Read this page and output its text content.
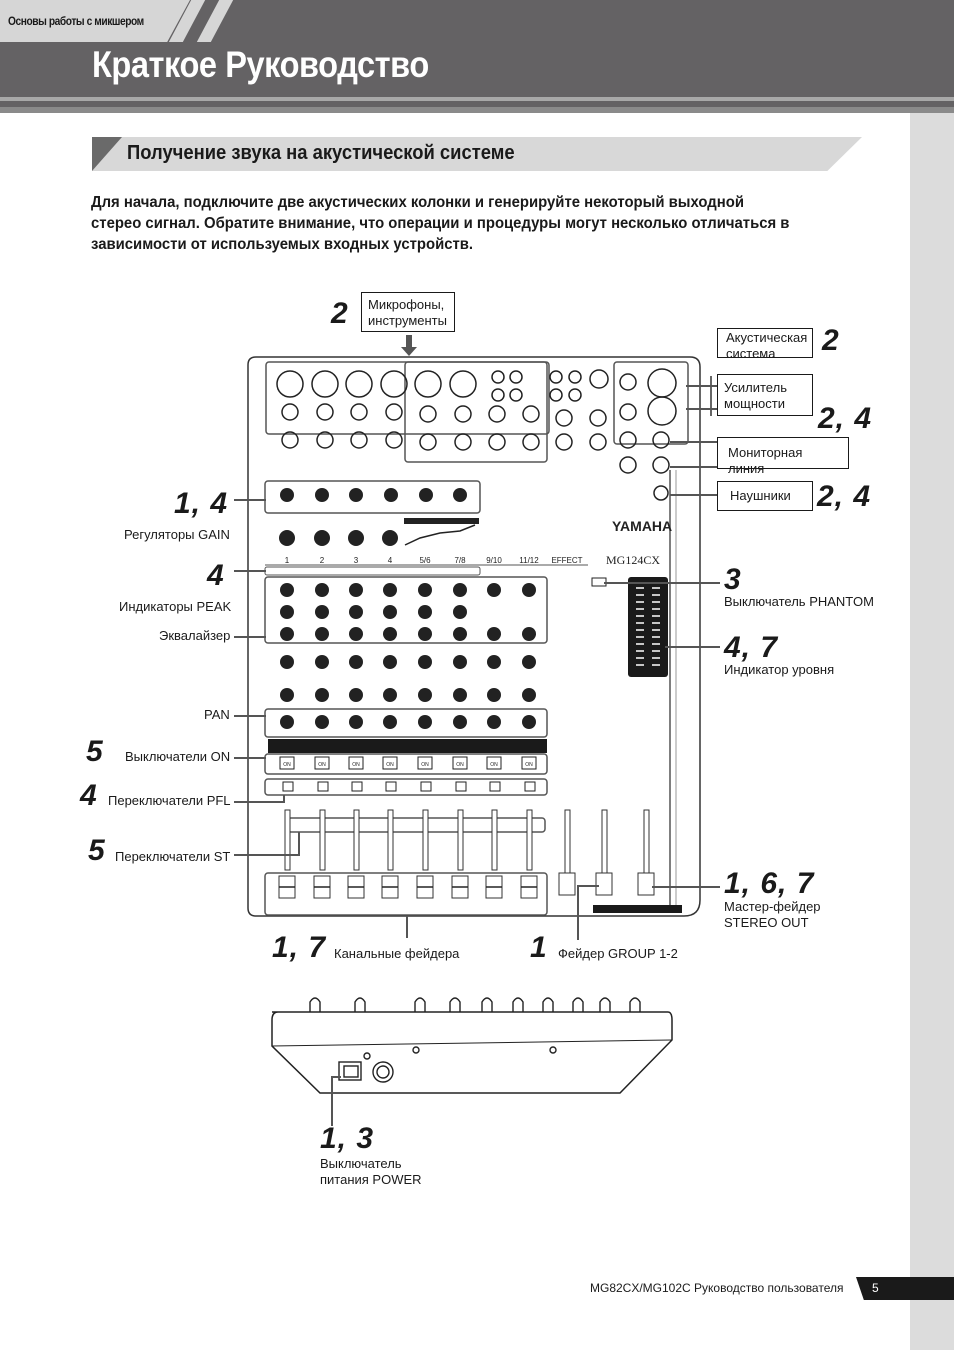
Основы работы с микшером
Краткое Руководство
Получение звука на акустической системе

Для начала, подключите две акустических колонки и генерируйте некоторый выходной

стерео сигнал. Обратите внимание, что операции и процедуры могут несколько отличаться в

зависимости от используемых входных устройств.

YAMAHA
MG124CX
1	2	3	4	5/6	7/8	9/10 11/12 EFFECT
ON	ON	ON	ON	ON	ON	ON	ON
2 Микрофоны,
инструменты
Акустическая
система	2
Усилитель
мощности	2, 4
Мониторная линия
Наушники 2, 4
1, 4
Регуляторы GAIN
4
Индикаторы PEAK
Эквалайзер
PAN
5 Выключатели ON
4 Переключатели PFL
5 Переключатели ST
3
Выключатель PHANTOM
4, 7
Индикатор уровня
1, 6, 7
Мастер-фейдер
STEREO OUT
1, 7 Канальные фейдера 1 Фейдер GROUP 1-2
1, 3
Выключатель
питания POWER
MG82CX/MG102C Руководство пользователя 5
